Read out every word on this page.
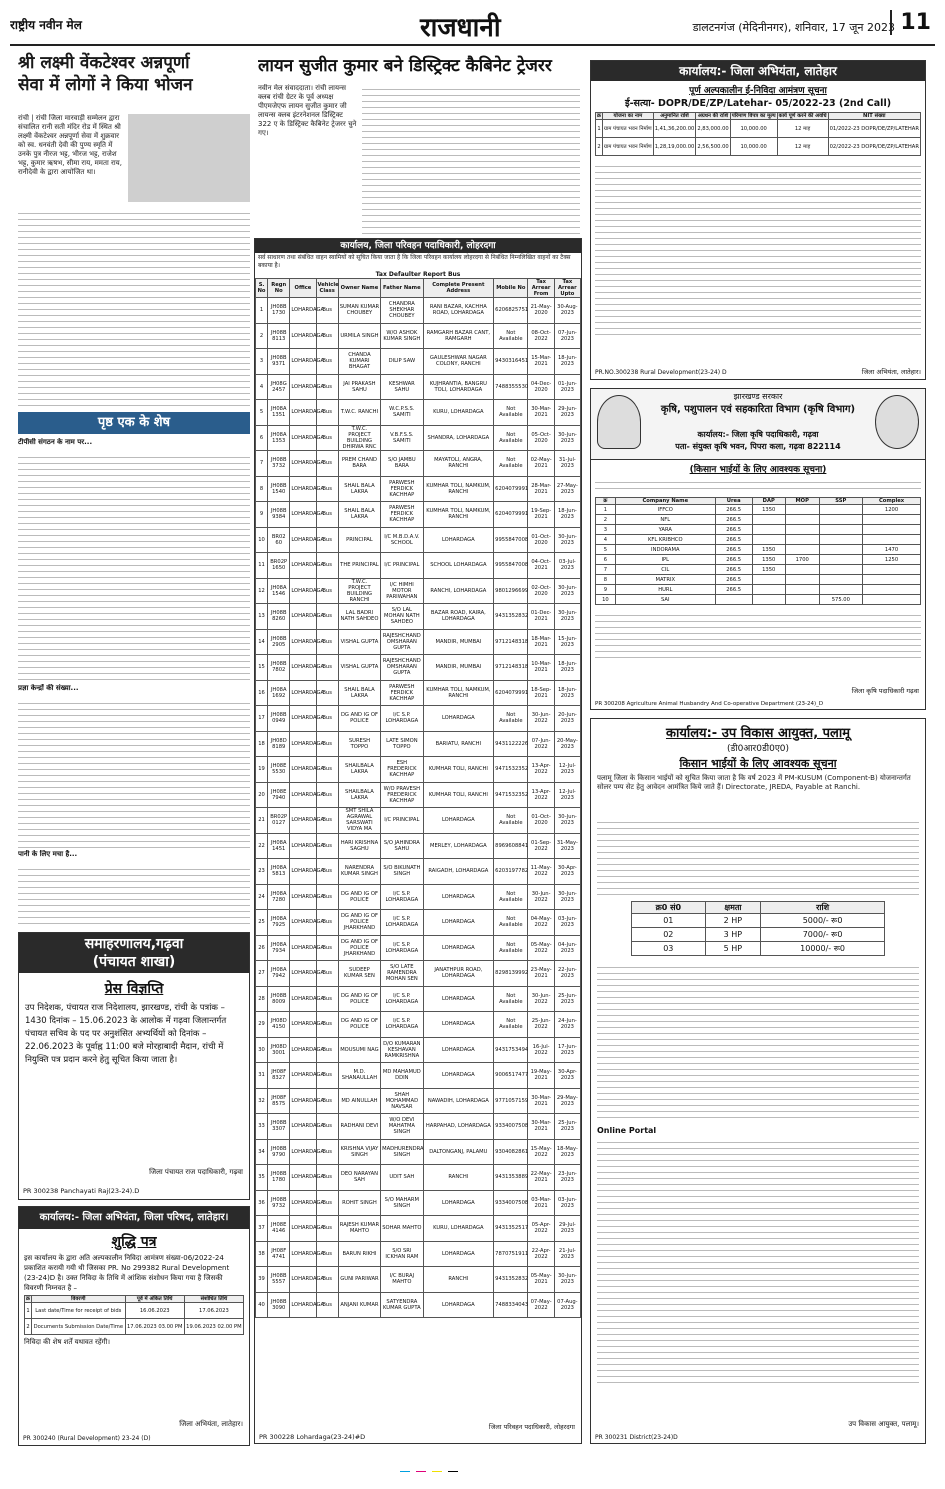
राष्ट्रीय नवीन मेल	राजधानी	डालटनगंज (मेदिनीनगर), शनिवार, 17 जून 2023 11
श्री लक्ष्मी वेंकटेश्वर अन्नपूर्णा
सेवा में लोगों ने किया भोजन
रांची | रांची जिला मारवाड़ी सम्मेलन द्वारा संचालित रानी सती मंदिर रोड में स्थित श्री लक्ष्मी वेंकटेश्वर अन्नपूर्णा सेवा में शुक्रवार को स्व. धनवंती देवी की पुण्य स्मृति में उनके पुत्र नीरज भट्ट, भीरज भट्ट, राजेश भट्ट, कुमार ऋषभ, सीमा राय, ममता राय, रानीदेवी के द्वारा आयोजित था।
पृष्ठ एक के शेष
टीपीसी संगठन के नाम पर...
प्रज्ञा केन्द्रों की संख्या...
पानी के लिए मचा है...
समाहरणालय,गढ़वा
(पंचायत शाखा)
प्रेस विज्ञप्ति
उप निदेशक, पंचायत राज निदेशालय, झारखण्ड, रांची के पत्रांक – 1430 दिनांक – 15.06.2023 के आलोक में गढ़वा जिलान्तर्गत पंचायत सचिव के पद पर अनुशंसित अभ्यर्थियों को दिनांक – 22.06.2023 के पूर्वाह्न 11:00 बजे मोरहाबादी मैदान, रांची में नियुक्ति पत्र प्रदान करने हेतु सूचित किया जाता है।
जिला पंचायत राज पदाधिकारी, गढ़वा
PR 300238 Panchayati Raj(23-24).D
कार्यालय:- जिला अभियंता, जिला परिषद, लातेहार।
शुद्धि पत्र
इस कार्यालय के द्वारा अति अल्पकालीन निविदा आमंत्रण संख्या-06/2022-24 प्रकाशित करायी गयी थी जिसका PR. No 299382 Rural Development (23-24)D है। उक्त निविदा के तिथि में आंशिक संशोधन किया गया है जिसकी विवरणी निम्नवत है –
क्र	विवरणी	पूर्व में अंकित तिथि	संशोधित तिथि
1	Last date/Time for receipt of bids	16.06.2023	17.06.2023
2	Documents Submission Date/Time	17.06.2023 03.00 PM	19.06.2023 02.00 PM
निविदा की शेष शर्तें यथावत रहेंगी।
जिला अभियंता, लातेहार।
PR 300240 (Rural Development) 23-24 (D)
लायन सुजीत कुमार बने डिस्ट्रिक्ट कैबिनेट ट्रेजरर
नवीन मेल संवाददाता। रांची लायन्स क्लब रांची ग्रेटर के पूर्व अध्यक्ष पीएमजेएफ लायन सुजीत कुमार जी लायन्स क्लब इंटरनेशनल डिस्ट्रिक्ट 322 ए के डिस्ट्रिक्ट कैबिनेट ट्रेजरर चुने गए।
कार्यालय, जिला परिवहन पदाधिकारी, लोहरदगा
सर्व साधारण तथा संबंधित वाहन स्वामियों को सूचित किया जाता है कि जिला परिवहन कार्यालय लोहरदगा से निबंधित निम्नलिखित वाहनों का टैक्स बकाया है।
Tax Defaulter Report Bus
S. No	Regn No	Office	Vehicle Class	Owner Name	Father Name	Complete Present Address	Mobile No	Tax Arrear From	Tax Arrear Upto
1	JH08B 1730	LOHARDAGA	Bus	SUMAN KUMAR CHOUBEY	CHANDRA SHEKHAR CHOUBEY	RANI BAZAR, KACHHA ROAD, LOHARDAGA	6206825751	21-May-2020	30-Aug-2023
2	JH08B 8113	LOHARDAGA	Bus	URMILA SINGH	W/O ASHOK KUMAR SINGH	RAMGARH BAZAR CANT, RAMGARH	Not Available	08-Oct-2022	07-Jun-2023
3	JH08B 9371	LOHARDAGA	Bus	CHANDA KUMARI BHAGAT	DILIP SAW	GAULESHWAR NAGAR COLONY, RANCHI	9430316451	15-Mar-2021	18-Jun-2023
4	JH08G 2457	LOHARDAGA	Bus	JAI PRAKASH SAHU	KESHWAR SAHU	KUJHRANTIA, BANGRU TOLI, LOHARDAGA	7488355530	04-Dec-2020	01-Jun-2023
5	JH08A 1351	LOHARDAGA	Bus	T.W.C. RANCHI	W.C.P.S.S. SAMITI	KURU, LOHARDAGA	Not Available	30-Mar-2021	29-Jun-2023
6	JH08A 1353	LOHARDAGA	Bus	T.W.C. PROJECT BUILDING DHIRWA RNC	V.B.F.S.S. SAMITI	SHANDRA, LOHARDAGA	Not Available	05-Oct-2020	30-Jun-2023
7	JH08B 3732	LOHARDAGA	Bus	PREM CHAND BARA	S/O JAMBU BARA	MAYATOLI, ANGRA, RANCHI	Not Available	02-May-2021	31-Jul-2023
8	JH08B 1540	LOHARDAGA	Bus	SHAIL BALA LAKRA	PARWESH FERDICK KACHHAP	KUMHAR TOLI, NAMKUM, RANCHI	6204079991	28-Mar-2021	27-May-2023
9	JH08B 9384	LOHARDAGA	Bus	SHAIL BALA LAKRA	PARWESH FERDICK KACHHAP	KUMHAR TOLI, NAMKUM, RANCHI	6204079991	19-Sep-2021	18-Jun-2023
10	BR02 60	LOHARDAGA	Bus	PRINCIPAL	I/C M.B.D.A.V. SCHOOL	LOHARDAGA	9955847008	01-Oct-2020	30-Jun-2023
11	BR02P 1650	LOHARDAGA	Bus	THE PRINCIPAL	I/C PRINCIPAL	SCHOOL LOHARDAGA	9955847008	04-Oct-2021	03-Jul-2023
12	JH08A 1546	LOHARDAGA	Bus	T.W.C. PROJECT BUILDING RANCHI	I/C HIMHI MOTOR PARIWAHAN	RANCHI, LOHARDAGA	9801296699	02-Oct-2020	30-Jun-2023
13	JH08B 8260	LOHARDAGA	Bus	LAL BADRI NATH SAHDEO	S/O LAL MOHAN NATH SAHDEO	BAZAR ROAD, KAIRA, LOHARDAGA	9431352832	01-Dec-2021	30-Jun-2023
14	JH08B 2905	LOHARDAGA	Bus	VISHAL GUPTA	RAJESHCHAND OMSHARAN GUPTA	MANDIR, MUMBAI	9712148318	18-Mar-2021	15-Jun-2023
15	JH08B 7802	LOHARDAGA	Bus	VISHAL GUPTA	RAJESHCHAND OMSHARAN GUPTA	MANDIR, MUMBAI	9712148318	10-Mar-2021	18-Jun-2023
16	JH08A 1692	LOHARDAGA	Bus	SHAIL BALA LAKRA	PARWESH FERDICK KACHHAP	KUMHAR TOLI, NAMKUM, RANCHI	6204079991	18-Sep-2021	18-Jun-2023
17	JH08B 0949	LOHARDAGA	Bus	DG AND IG OF POLICE	I/C S.P. LOHARDAGA	LOHARDAGA	Not Available	30-Jun-2022	20-Jun-2023
18	JH08D 8189	LOHARDAGA	Bus	SURESH TOPPO	LATE SIMON TOPPO	BARIATU, RANCHI	9431122226	07-Jun-2022	20-May-2023
19	JH08E 5530	LOHARDAGA	Bus	SHAILBALA LAKRA	ESH FREDERICK KACHHAP	KUMHAR TOLI, RANCHI	9471532352	13-Apr-2022	12-Jul-2023
20	JH08E 7940	LOHARDAGA	Bus	SHAILBALA LAKRA	W/O PRAVESH FREDERICK KACHHAP	KUMHAR TOLI, RANCHI	9471532352	13-Apr-2022	12-Jul-2023
21	BR02P 0127	LOHARDAGA	Bus	SMT SHILA AGRAWAL SARSWATI VIDYA MA	I/C PRINCIPAL	LOHARDAGA	Not Available	01-Oct-2020	30-Jun-2023
22	JH08A 1451	LOHARDAGA	Bus	HARI KRISHNA SAGHU	S/O JAHINDRA SAHU	MERLEY, LOHARDAGA	8969608841	01-Sep-2022	31-May-2023
23	JH08A 5813	LOHARDAGA	Bus	NARENDRA KUMAR SINGH	S/O BIKUNATH SINGH	RAIGADH, LOHARDAGA	6203197782	11-May-2022	30-Apr-2023
24	JH08A 7280	LOHARDAGA	Bus	DG AND IG OF POLICE	I/C S.P. LOHARDAGA	LOHARDAGA	Not Available	30-Jun-2022	30-Jun-2023
25	JH08A 7925	LOHARDAGA	Bus	DG AND IG OF POLICE JHARKHAND	I/C S.P. LOHARDAGA	LOHARDAGA	Not Available	04-May-2022	03-Jun-2023
26	JH08A 7934	LOHARDAGA	Bus	DG AND IG OF POLICE JHARKHAND	I/C S.P. LOHARDAGA	LOHARDAGA	Not Available	05-May-2022	04-Jun-2023
27	JH08A 7942	LOHARDAGA	Bus	SUDEEP KUMAR SEN	S/O LATE RAMENDRA MOHAN SEN	JANATHPUR ROAD, LOHARDAGA	8298139992	23-May-2021	22-Jun-2023
28	JH08B 8009	LOHARDAGA	Bus	DG AND IG OF POLICE	I/C S.P. LOHARDAGA	LOHARDAGA	Not Available	30-Jun-2022	25-Jun-2023
29	JH08D 4150	LOHARDAGA	Bus	DG AND IG OF POLICE	I/C S.P. LOHARDAGA	LOHARDAGA	Not Available	25-Jun-2022	24-Jun-2023
30	JH08D 3001	LOHARDAGA	Bus	MOUSUMI NAG	D/O KUMARAN KESHAVAN RAMKRISHNA	LOHARDAGA	9431753494	16-Jul-2022	17-Jun-2023
31	JH08F 8327	LOHARDAGA	Bus	M.D. SHANAULLAH	MD MAHAMUD DDIN	LOHARDAGA	9006517477	19-May-2021	30-Apr-2023
32	JH08F 8575	LOHARDAGA	Bus	MD AINULLAH	SHAH MOHAMMAD NAVSAR	NAWADIH, LOHARDAGA	9771057159	30-Mar-2021	29-May-2023
33	JH08B 3307	LOHARDAGA	Bus	RADHANI DEVI	W/O DEVI MAHATMA SINGH	HARPAHAD, LOHARDAGA	9334007508	30-Mar-2021	25-Jun-2023
34	JH08B 9790	LOHARDAGA	Bus	KRISHNA VIJAY SINGH	MADHURENDRA SINGH	DALTONGANJ, PALAMU	9304082861	15-May-2022	18-May-2023
35	JH08B 1780	LOHARDAGA	Bus	DEO NARAYAN SAH	UDIT SAH	RANCHI	9431353889	22-May-2021	23-Jun-2023
36	JH08B 9732	LOHARDAGA	Bus	ROHIT SINGH	S/O MAHARM SINGH	LOHARDAGA	9334007508	03-Mar-2021	03-Jun-2023
37	JH08E 4146	LOHARDAGA	Bus	RAJESH KUMAR MAHTO	SOHAR MAHTO	KURU, LOHARDAGA	9431352517	05-Apr-2022	29-Jul-2023
38	JH08F 4741	LOHARDAGA	Bus	BARUN RIKHI	S/O SRI ICKHAN RAM	LOHARDAGA	7870751911	22-Apr-2022	21-Jul-2023
39	JH08B 5557	LOHARDAGA	Bus	GUNI PARIWAR	I/C BURAJ MAHTO	RANCHI	9431352832	05-May-2021	30-Jun-2023
40	JH08B 3090	LOHARDAGA	Bus	ANJANI KUMAR	SATYENDRA KUMAR GUPTA	LOHARDAGA	7488334043	07-May-2022	07-Aug-2023
जिला परिवहन पदाधिकारी, लोहरदगा
PR 300228 Lohardaga(23-24)#D
कार्यालय:- जिला अभियंता, लातेहार
पूर्ण अल्पकालीन ई-निविदा आमंत्रण सूचना
ई-सत्या- DOPR/DE/ZP/Latehar- 05/2022-23 (2nd Call)
क्र	योजना का नाम	अनुमानित राशि	अग्रधन की राशि	परिमाण विपत्र का मूल्य	कार्य पूर्ण करने की अवधि	NIT संख्या
1	ग्राम पंचायत भवन निर्माण	1,41,36,200.00	2,83,000.00	10,000.00	12 माह	01/2022-23 DOPR/DE/ZP/LATEHAR
2	ग्राम पंचायत भवन निर्माण	1,28,19,000.00	2,56,500.00	10,000.00	12 माह	02/2022-23 DOPR/DE/ZP/LATEHAR
PR.NO.300238 Rural Development(23-24) D	जिला अभियंता, लातेहार।
झारखण्ड सरकार
कृषि, पशुपालन एवं सहकारिता विभाग (कृषि विभाग)
कार्यालय:- जिला कृषि पदाधिकारी, गढ़वा
पता- संयुक्त कृषि भवन, पिपरा कला, गढ़वा 822114
(किसान भाईयों के लिए आवश्यक सूचना)
क्र	Company Name	Urea	DAP	MOP	SSP	Complex
1	IFFCO	266.5	1350			1200
2	NFL	266.5				
3	YARA	266.5				
4	KFL KRIBHCO	266.5				
5	INDORAMA	266.5	1350			1470
6	IPL	266.5	1350	1700		1250
7	CIL	266.5	1350			
8	MATRIX	266.5				
9	HURL	266.5				
10	SAI				575.00	
जिला कृषि पदाधिकारी गढ़वा
PR 300208 Agriculture Animal Husbandry And Co-operative Department (23-24)_D
कार्यालय:- उप विकास आयुक्त, पलामू
(डी0आर0डी0ए0)
किसान भाईयों के लिए आवश्यक सूचना
पलामू जिला के किसान भाईयों को सूचित किया जाता है कि वर्ष 2023 में PM-KUSUM (Component-B) योजनान्तर्गत सोलर पम्प सेट हेतु आवेदन आमंत्रित किये जाते हैं। Directorate, JREDA, Payable at Ranchi.
क्र0 सं0	क्षमता	राशि
01	2 HP	5000/- रू0
02	3 HP	7000/- रू0
03	5 HP	10000/- रू0
Online Portal
उप विकास आयुक्त, पलामू।
PR 300231 District(23-24)D
